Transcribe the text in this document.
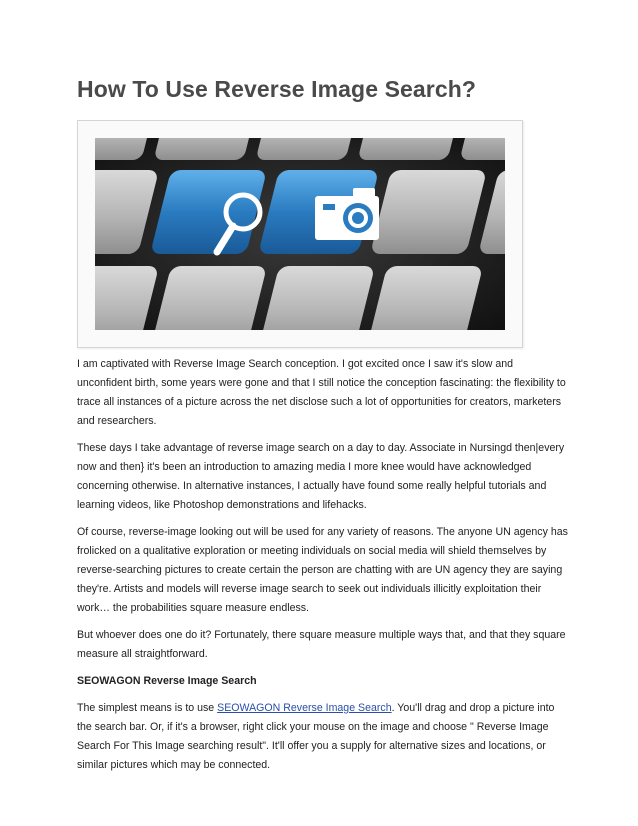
How To Use Reverse Image Search?

I am captivated with Reverse Image Search conception. I got excited once I saw it's slow and unconfident birth, some years were gone and that I still notice the conception fascinating: the flexibility to trace all instances of a picture across the net disclose such a lot of opportunities for creators, marketers and researchers.

These days I take advantage of reverse image search on a day to day. Associate in Nursingd then|every now and then} it's been an introduction to amazing media I more knee would have acknowledged concerning otherwise. In alternative instances, I actually have found some really helpful tutorials and learning videos, like Photoshop demonstrations and lifehacks.

Of course, reverse-image looking out will be used for any variety of reasons. The anyone UN agency has frolicked on a qualitative exploration or meeting individuals on social media will shield themselves by reverse-searching pictures to create certain the person are chatting with are UN agency they are saying they're. Artists and models will reverse image search to seek out individuals illicitly exploitation their work… the probabilities square measure endless.

But whoever does one do it? Fortunately, there square measure multiple ways that, and that they square measure all straightforward.

SEOWAGON Reverse Image Search

The simplest means is to use SEOWAGON Reverse Image Search. You'll drag and drop a picture into the search bar. Or, if it's a browser, right click your mouse on the image and choose " Reverse Image Search For This Image searching result". It'll offer you a supply for alternative sizes and locations, or similar pictures which may be connected.
